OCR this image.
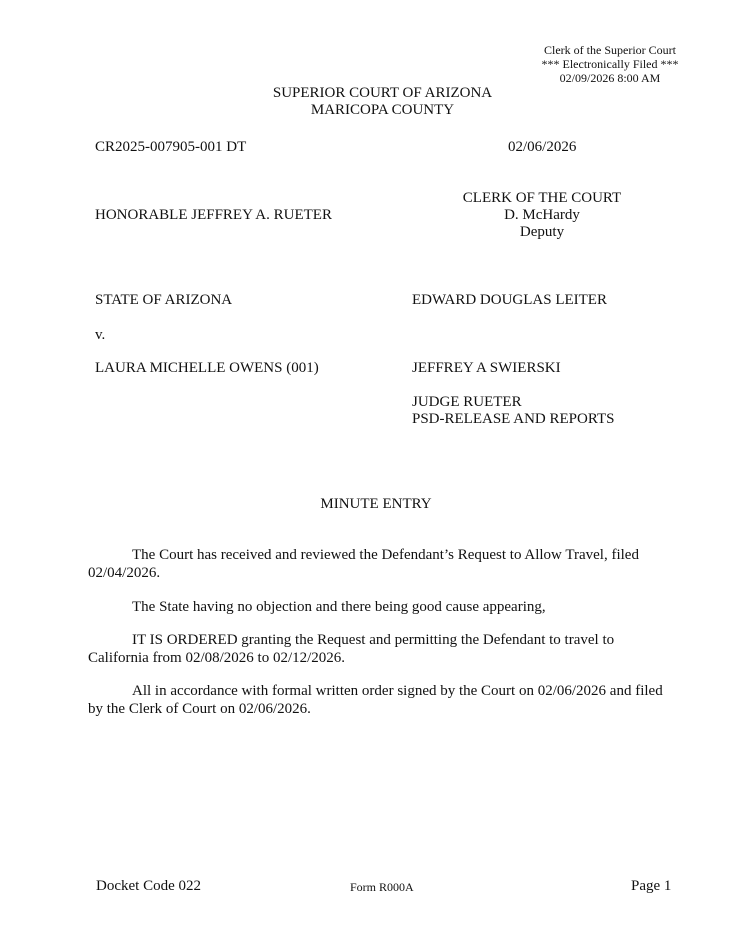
Clerk of the Superior Court
*** Electronically Filed ***
02/09/2026 8:00 AM
SUPERIOR COURT OF ARIZONA
MARICOPA COUNTY
CR2025-007905-001 DT	02/06/2026
HONORABLE JEFFREY A. RUETER
CLERK OF THE COURT
D. McHardy
Deputy
STATE OF ARIZONA	EDWARD DOUGLAS LEITER
v.
LAURA MICHELLE OWENS (001)	JEFFREY A SWIERSKI
JUDGE RUETER
PSD-RELEASE AND REPORTS
MINUTE ENTRY
The Court has received and reviewed the Defendant’s Request to Allow Travel, filed 02/04/2026.
The State having no objection and there being good cause appearing,
IT IS ORDERED granting the Request and permitting the Defendant to travel to California from 02/08/2026 to 02/12/2026.
All in accordance with formal written order signed by the Court on 02/06/2026 and filed by the Clerk of Court on 02/06/2026.
Docket Code 022	Form R000A	Page 1
